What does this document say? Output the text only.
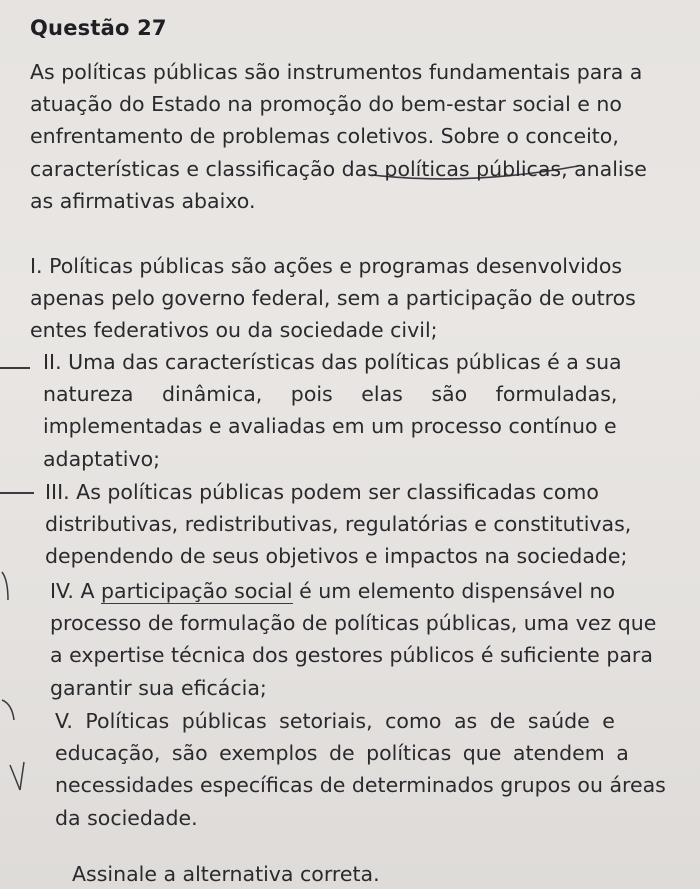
Questão 27
As políticas públicas são instrumentos fundamentais para a
atuação do Estado na promoção do bem-estar social e no
enfrentamento de problemas coletivos. Sobre o conceito,
características e classificação das políticas públicas, analise
as afirmativas abaixo.
I. Políticas públicas são ações e programas desenvolvidos
apenas pelo governo federal, sem a participação de outros
entes federativos ou da sociedade civil;
II. Uma das características das políticas públicas é a sua
natureza dinâmica, pois elas são formuladas,
implementadas e avaliadas em um processo contínuo e
adaptativo;
III. As políticas públicas podem ser classificadas como
distributivas, redistributivas, regulatórias e constitutivas,
dependendo de seus objetivos e impactos na sociedade;
IV. A participação social é um elemento dispensável no
processo de formulação de políticas públicas, uma vez que
a expertise técnica dos gestores públicos é suficiente para
garantir sua eficácia;
V. Políticas públicas setoriais, como as de saúde e
educação, são exemplos de políticas que atendem a
necessidades específicas de determinados grupos ou áreas
da sociedade.
Assinale a alternativa correta.
